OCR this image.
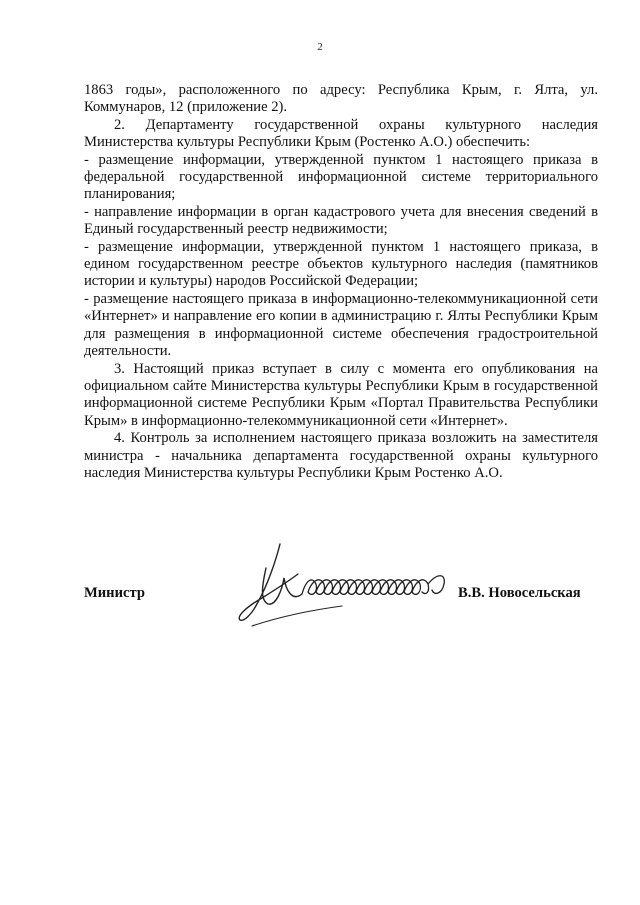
2

1863 годы», расположенного по адресу: Республика Крым, г. Ялта, ул. Коммунаров, 12 (приложение 2).

2. Департаменту государственной охраны культурного наследия Министерства культуры Республики Крым (Ростенко А.О.) обеспечить:

- размещение информации, утвержденной пунктом 1 настоящего приказа в федеральной государственной информационной системе территориального планирования;

- направление информации в орган кадастрового учета для внесения сведений в Единый государственный реестр недвижимости;

- размещение информации, утвержденной пунктом 1 настоящего приказа, в едином государственном реестре объектов культурного наследия (памятников истории и культуры) народов Российской Федерации;

- размещение настоящего приказа в информационно-телекоммуникационной сети «Интернет» и направление его копии в администрацию г. Ялты Республики Крым для размещения в информационной системе обеспечения градостроительной деятельности.

3. Настоящий приказ вступает в силу с момента его опубликования на официальном сайте Министерства культуры Республики Крым в государственной информационной системе Республики Крым «Портал Правительства Республики Крым» в информационно-телекоммуникационной сети «Интернет».

4. Контроль за исполнением настоящего приказа возложить на заместителя министра - начальника департамента государственной охраны культурного наследия Министерства культуры Республики Крым Ростенко А.О.

Министр	В.В. Новосельская
